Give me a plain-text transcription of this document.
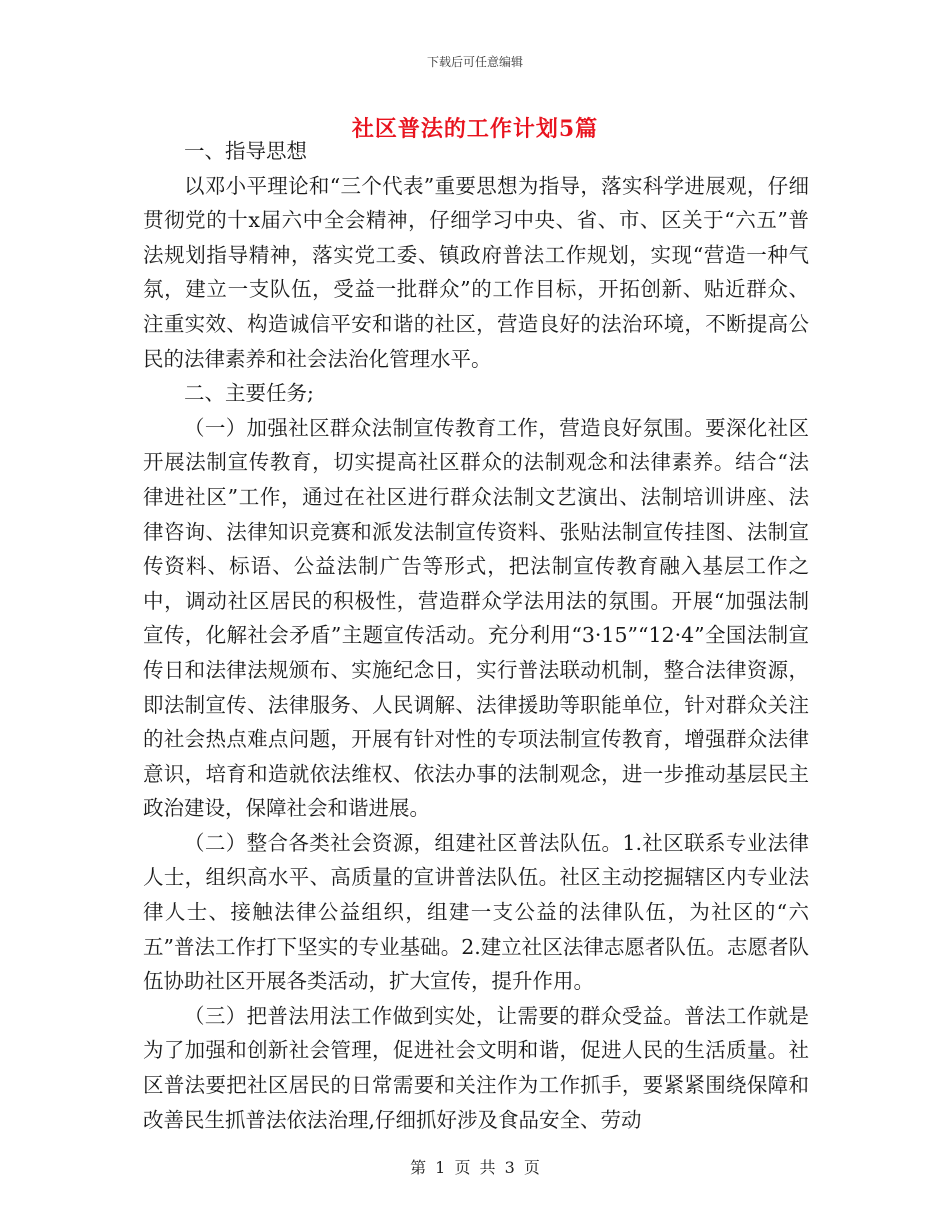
下载后可任意编辑
社区普法的工作计划5篇

一、指导思想

以邓小平理论和“三个代表”重要思想为指导，落实科学进展观，仔细贯彻党的十x届六中全会精神，仔细学习中央、省、市、区关于“六五”普法规划指导精神，落实党工委、镇政府普法工作规划，实现“营造一种气氛，建立一支队伍，受益一批群众”的工作目标，开拓创新、贴近群众、注重实效、构造诚信平安和谐的社区，营造良好的法治环境，不断提高公民的法律素养和社会法治化管理水平。

二、主要任务;

（一）加强社区群众法制宣传教育工作，营造良好氛围。要深化社区开展法制宣传教育，切实提高社区群众的法制观念和法律素养。结合“法律进社区”工作，通过在社区进行群众法制文艺演出、法制培训讲座、法律咨询、法律知识竞赛和派发法制宣传资料、张贴法制宣传挂图、法制宣传资料、标语、公益法制广告等形式，把法制宣传教育融入基层工作之中，调动社区居民的积极性，营造群众学法用法的氛围。开展“加强法制宣传，化解社会矛盾”主题宣传活动。充分利用“3·15”“12·4”全国法制宣传日和法律法规颁布、实施纪念日，实行普法联动机制，整合法律资源，即法制宣传、法律服务、人民调解、法律援助等职能单位，针对群众关注的社会热点难点问题，开展有针对性的专项法制宣传教育，增强群众法律意识，培育和造就依法维权、依法办事的法制观念，进一步推动基层民主政治建设，保障社会和谐进展。

（二）整合各类社会资源，组建社区普法队伍。1.社区联系专业法律人士，组织高水平、高质量的宣讲普法队伍。社区主动挖掘辖区内专业法律人士、接触法律公益组织，组建一支公益的法律队伍，为社区的“六五”普法工作打下坚实的专业基础。2.建立社区法律志愿者队伍。志愿者队伍协助社区开展各类活动，扩大宣传，提升作用。

（三）把普法用法工作做到实处，让需要的群众受益。普法工作就是为了加强和创新社会管理，促进社会文明和谐，促进人民的生活质量。社区普法要把社区居民的日常需要和关注作为工作抓手，要紧紧围绕保障和改善民生抓普法依法治理,仔细抓好涉及食品安全、劳动

第 1 页 共 3 页
